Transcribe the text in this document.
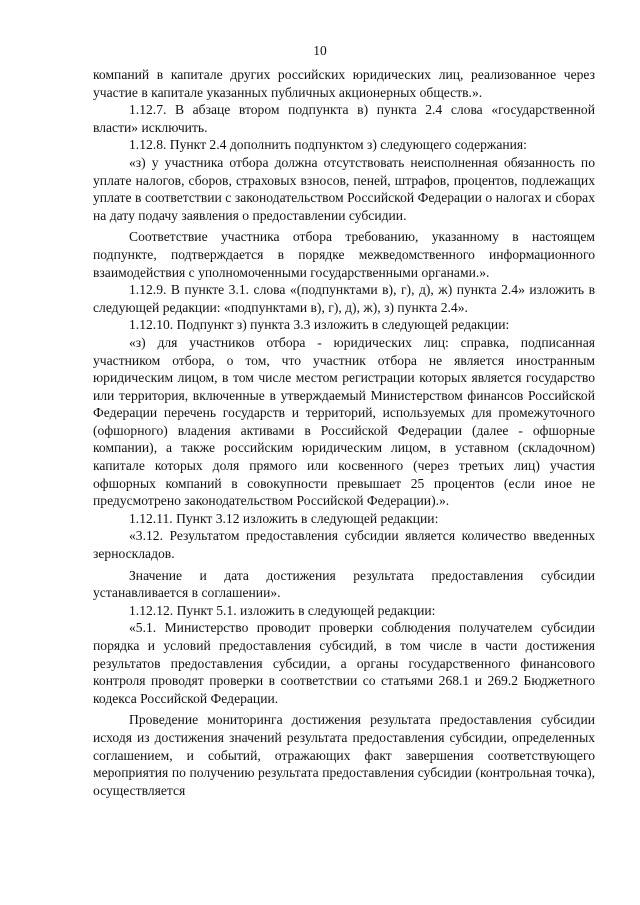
10

компаний в капитале других российских юридических лиц, реализованное через участие в капитале указанных публичных акционерных обществ.».

1.12.7. В абзаце втором подпункта в) пункта 2.4 слова «государственной власти» исключить.

1.12.8. Пункт 2.4 дополнить подпунктом з) следующего содержания:

«з) у участника отбора должна отсутствовать неисполненная обязанность по уплате налогов, сборов, страховых взносов, пеней, штрафов, процентов, подлежащих уплате в соответствии с законодательством Российской Федерации о налогах и сборах на дату подачу заявления о предоставлении субсидии.

Соответствие участника отбора требованию, указанному в настоящем подпункте, подтверждается в порядке межведомственного информационного взаимодействия с уполномоченными государственными органами.».

1.12.9. В пункте 3.1. слова «(подпунктами в), г), д), ж) пункта 2.4» изложить в следующей редакции: «подпунктами в), г), д), ж), з) пункта 2.4».

1.12.10. Подпункт з) пункта 3.3 изложить в следующей редакции:

«з) для участников отбора - юридических лиц: справка, подписанная участником отбора, о том, что участник отбора не является иностранным юридическим лицом, в том числе местом регистрации которых является государство или территория, включенные в утверждаемый Министерством финансов Российской Федерации перечень государств и территорий, используемых для промежуточного (офшорного) владения активами в Российской Федерации (далее - офшорные компании), а также российским юридическим лицом, в уставном (складочном) капитале которых доля прямого или косвенного (через третьих лиц) участия офшорных компаний в совокупности превышает 25 процентов (если иное не предусмотрено законодательством Российской Федерации).».

1.12.11. Пункт 3.12 изложить в следующей редакции:

«3.12. Результатом предоставления субсидии является количество введенных зерноскладов.

Значение и дата достижения результата предоставления субсидии устанавливается в соглашении».

1.12.12. Пункт 5.1. изложить в следующей редакции:

«5.1. Министерство проводит проверки соблюдения получателем субсидии порядка и условий предоставления субсидий, в том числе в части достижения результатов предоставления субсидии, а органы государственного финансового контроля проводят проверки в соответствии со статьями 268.1 и 269.2 Бюджетного кодекса Российской Федерации.

Проведение мониторинга достижения результата предоставления субсидии исходя из достижения значений результата предоставления субсидии, определенных соглашением, и событий, отражающих факт завершения соответствующего мероприятия по получению результата предоставления субсидии (контрольная точка), осуществляется
